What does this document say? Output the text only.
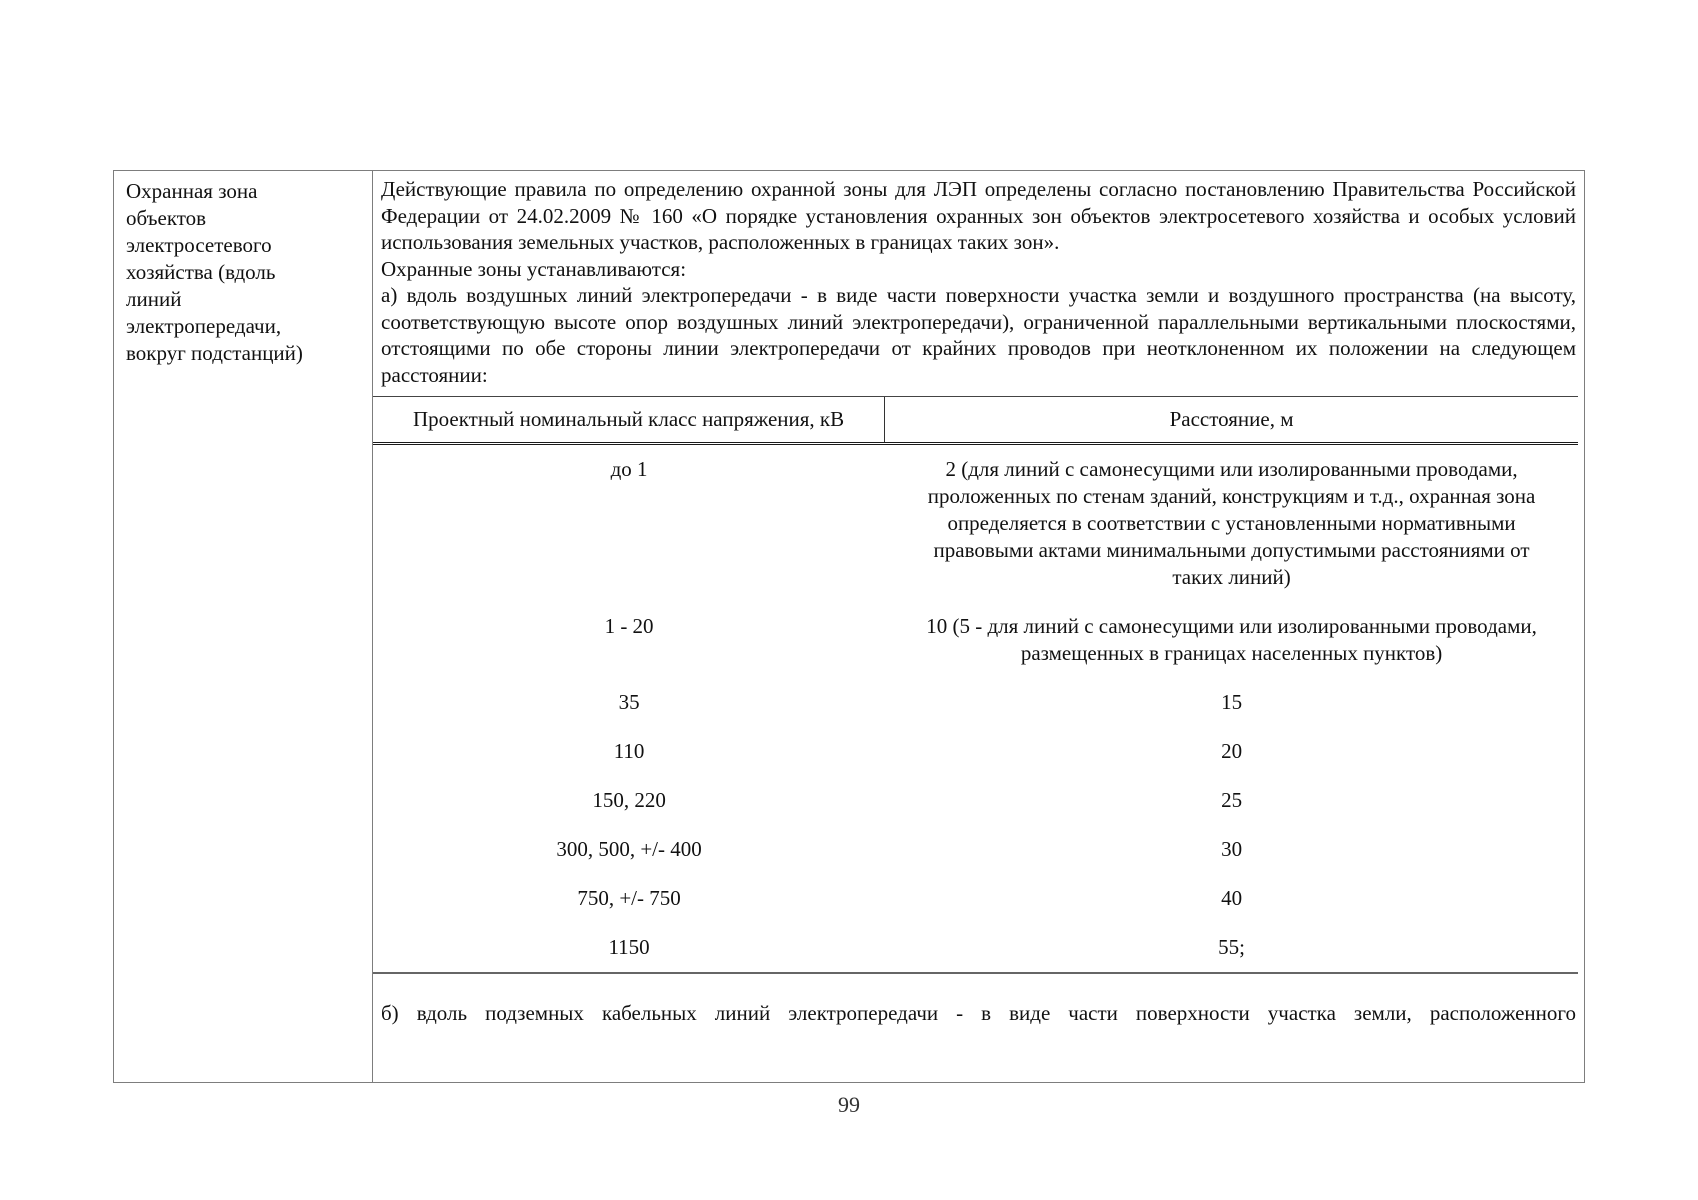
Охранная зона объектов электросетевого хозяйства (вдоль линий электропередачи, вокруг подстанций)

Действующие правила по определению охранной зоны для ЛЭП определены согласно постановлению Правительства Российской Федерации от 24.02.2009 № 160 «О порядке установления охранных зон объектов электросетевого хозяйства и особых условий использования земельных участков, расположенных в границах таких зон».

Охранные зоны устанавливаются:

а) вдоль воздушных линий электропередачи - в виде части поверхности участка земли и воздушного пространства (на высоту, соответствующую высоте опор воздушных линий электропередачи), ограниченной параллельными вертикальными плоскостями, отстоящими по обе стороны линии электропередачи от крайних проводов при неотклоненном их положении на следующем расстоянии:

Проектный номинальный класс напряжения, кВ	Расстояние, м
до 1	2 (для линий с самонесущими или изолированными проводами, проложенных по стенам зданий, конструкциям и т.д., охранная зона определяется в соответствии с установленными нормативными правовыми актами минимальными допустимыми расстояниями от таких линий)
1 - 20	10 (5 - для линий с самонесущими или изолированными проводами, размещенных в границах населенных пунктов)
35	15
110	20
150, 220	25
300, 500, +/- 400	30
750, +/- 750	40
1150	55;

б) вдоль подземных кабельных линий электропередачи - в виде части поверхности участка земли, расположенного

99
